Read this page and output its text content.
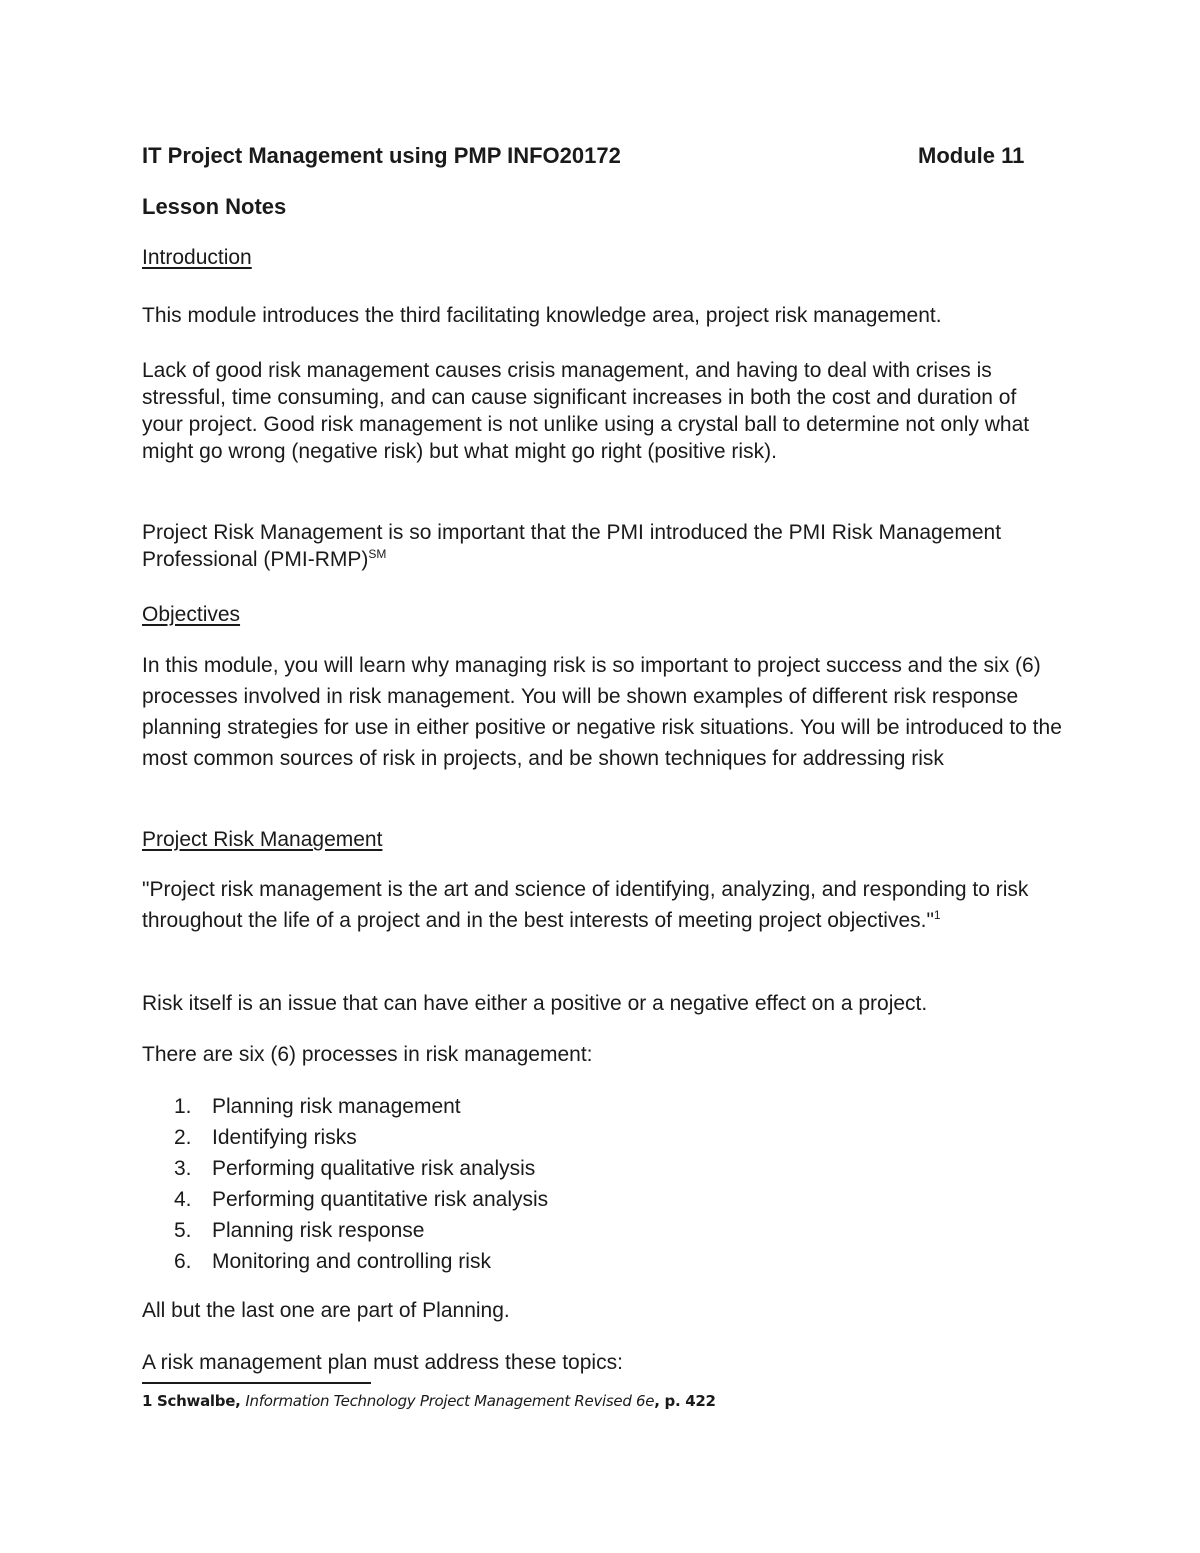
IT Project Management using PMP INFO20172	Module 11
Lesson Notes
Introduction
This module introduces the third facilitating knowledge area, project risk management.
Lack of good risk management causes crisis management, and having to deal with crises is stressful, time consuming, and can cause significant increases in both the cost and duration of your project. Good risk management is not unlike using a crystal ball to determine not only what might go wrong (negative risk) but what might go right (positive risk).
Project Risk Management is so important that the PMI introduced the PMI Risk Management Professional (PMI-RMP)℠
Objectives
In this module, you will learn why managing risk is so important to project success and the six (6) processes involved in risk management. You will be shown examples of different risk response planning strategies for use in either positive or negative risk situations. You will be introduced to the most common sources of risk in projects, and be shown techniques for addressing risk
Project Risk Management
"Project risk management is the art and science of identifying, analyzing, and responding to risk throughout the life of a project and in the best interests of meeting project objectives."$^1$
Risk itself is an issue that can have either a positive or a negative effect on a project.
There are six (6) processes in risk management:
1. Planning risk management
2. Identifying risks
3. Performing qualitative risk analysis
4. Performing quantitative risk analysis
5. Planning risk response
6. Monitoring and controlling risk
All but the last one are part of Planning.
A risk management plan must address these topics:
1 Schwalbe, Information Technology Project Management Revised 6e, p. 422
